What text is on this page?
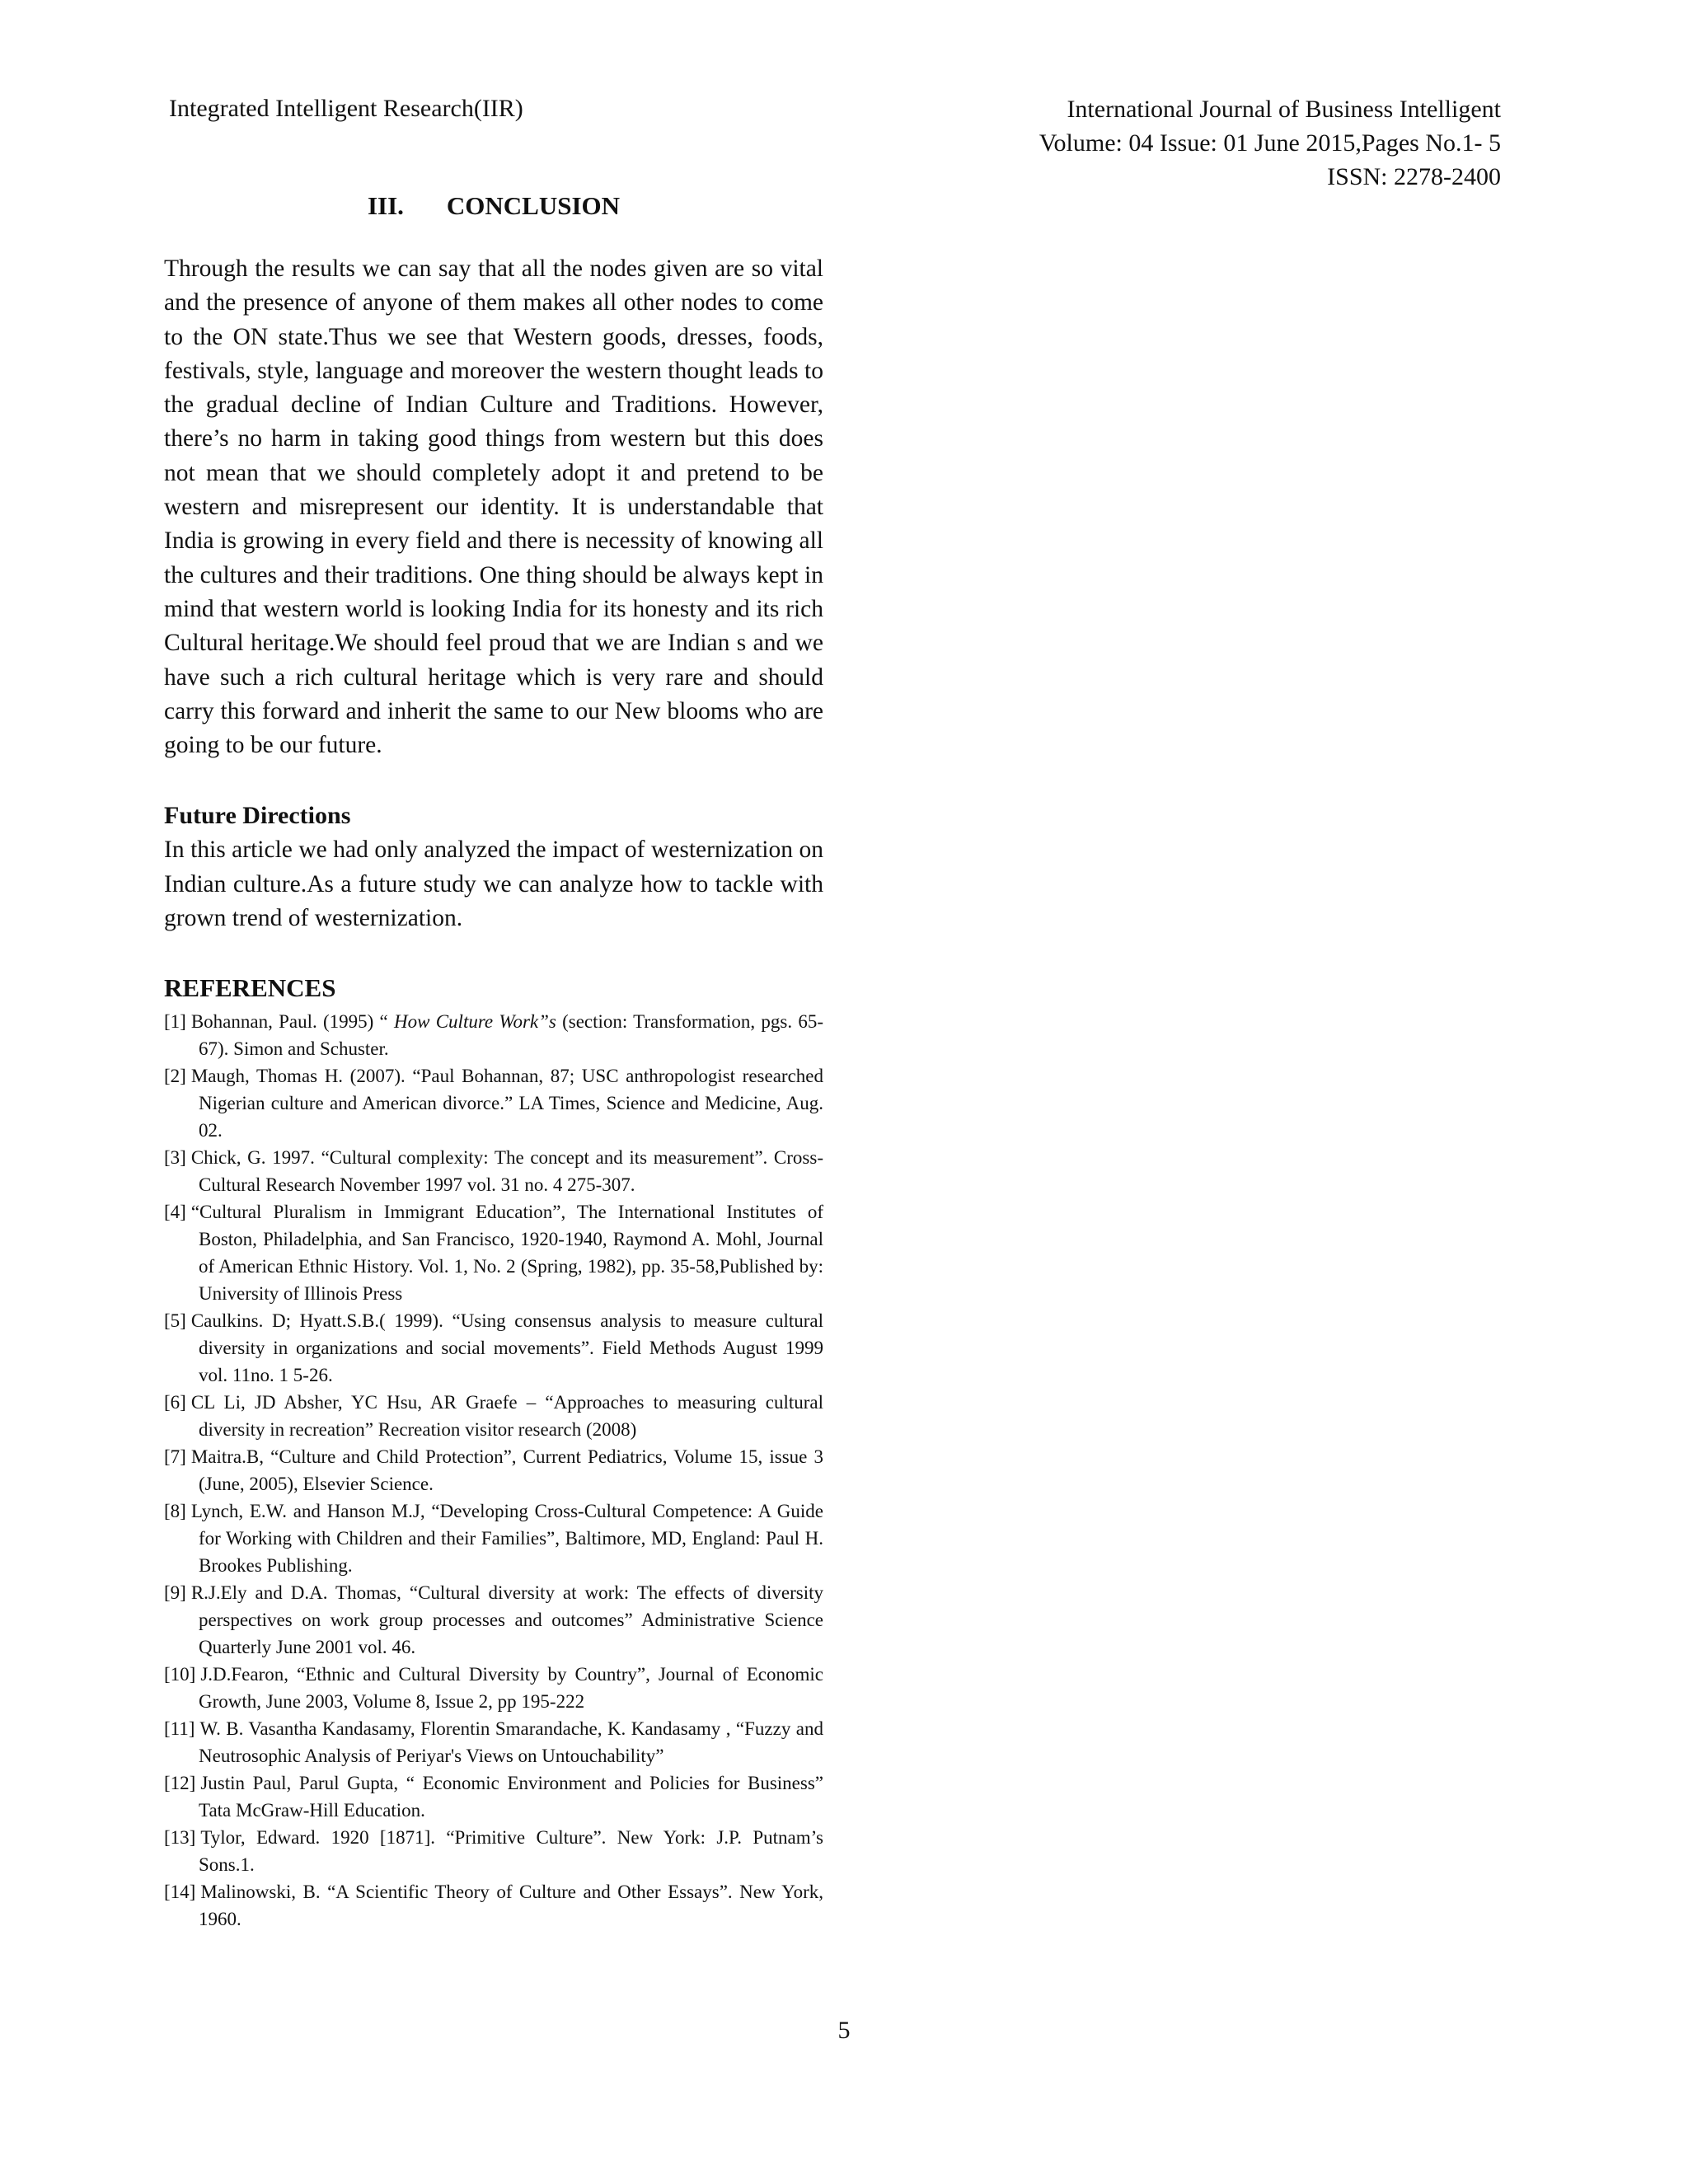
Integrated Intelligent Research(IIR)	International Journal of Business Intelligent
Volume: 04 Issue: 01 June 2015,Pages No.1- 5
ISSN: 2278-2400
III. CONCLUSION

Through the results we can say that all the nodes given are so vital and the presence of anyone of them makes all other nodes to come to the ON state.Thus we see that Western goods, dresses, foods, festivals, style, language and moreover the western thought leads to the gradual decline of Indian Culture and Traditions. However, there’s no harm in taking good things from western but this does not mean that we should completely adopt it and pretend to be western and misrepresent our identity. It is understandable that India is growing in every field and there is necessity of knowing all the cultures and their traditions. One thing should be always kept in mind that western world is looking India for its honesty and its rich Cultural heritage.We should feel proud that we are Indian s and we have such a rich cultural heritage which is very rare and should carry this forward and inherit the same to our New blooms who are going to be our future.

Future Directions

In this article we had only analyzed the impact of westernization on Indian culture.As a future study we can analyze how to tackle with grown trend of westernization.

REFERENCES
[1] Bohannan, Paul. (1995) “ How Culture Work”s (section: Transformation, pgs. 65-67). Simon and Schuster.
[2] Maugh, Thomas H. (2007). “Paul Bohannan, 87; USC anthropologist researched Nigerian culture and American divorce.” LA Times, Science and Medicine, Aug. 02.
[3] Chick, G. 1997. “Cultural complexity: The concept and its measurement”. Cross-Cultural Research November 1997 vol. 31 no. 4 275-307.
[4] “Cultural Pluralism in Immigrant Education”, The International Institutes of Boston, Philadelphia, and San Francisco, 1920-1940, Raymond A. Mohl, Journal of American Ethnic History. Vol. 1, No. 2 (Spring, 1982), pp. 35-58,Published by: University of Illinois Press
[5] Caulkins. D; Hyatt.S.B.( 1999). “Using consensus analysis to measure cultural diversity in organizations and social movements”. Field Methods August 1999 vol. 11no. 1 5-26.
[6] CL Li, JD Absher, YC Hsu, AR Graefe – “Approaches to measuring cultural diversity in recreation” Recreation visitor research (2008)
[7] Maitra.B, “Culture and Child Protection”, Current Pediatrics, Volume 15, issue 3 (June, 2005), Elsevier Science.
[8] Lynch, E.W. and Hanson M.J, “Developing Cross-Cultural Competence: A Guide for Working with Children and their Families”, Baltimore, MD, England: Paul H. Brookes Publishing.
[9] R.J.Ely and D.A. Thomas, “Cultural diversity at work: The effects of diversity perspectives on work group processes and outcomes” Administrative Science Quarterly June 2001 vol. 46.
[10] J.D.Fearon, “Ethnic and Cultural Diversity by Country”, Journal of Economic Growth, June 2003, Volume 8, Issue 2, pp 195-222
[11] W. B. Vasantha Kandasamy, Florentin Smarandache, K. Kandasamy , “Fuzzy and Neutrosophic Analysis of Periyar's Views on Untouchability”
[12] Justin Paul, Parul Gupta, “ Economic Environment and Policies for Business” Tata McGraw-Hill Education.
[13] Tylor, Edward. 1920 [1871]. “Primitive Culture”. New York: J.P. Putnam’s Sons.1.
[14] Malinowski, B. “A Scientific Theory of Culture and Other Essays”. New York, 1960.
5
